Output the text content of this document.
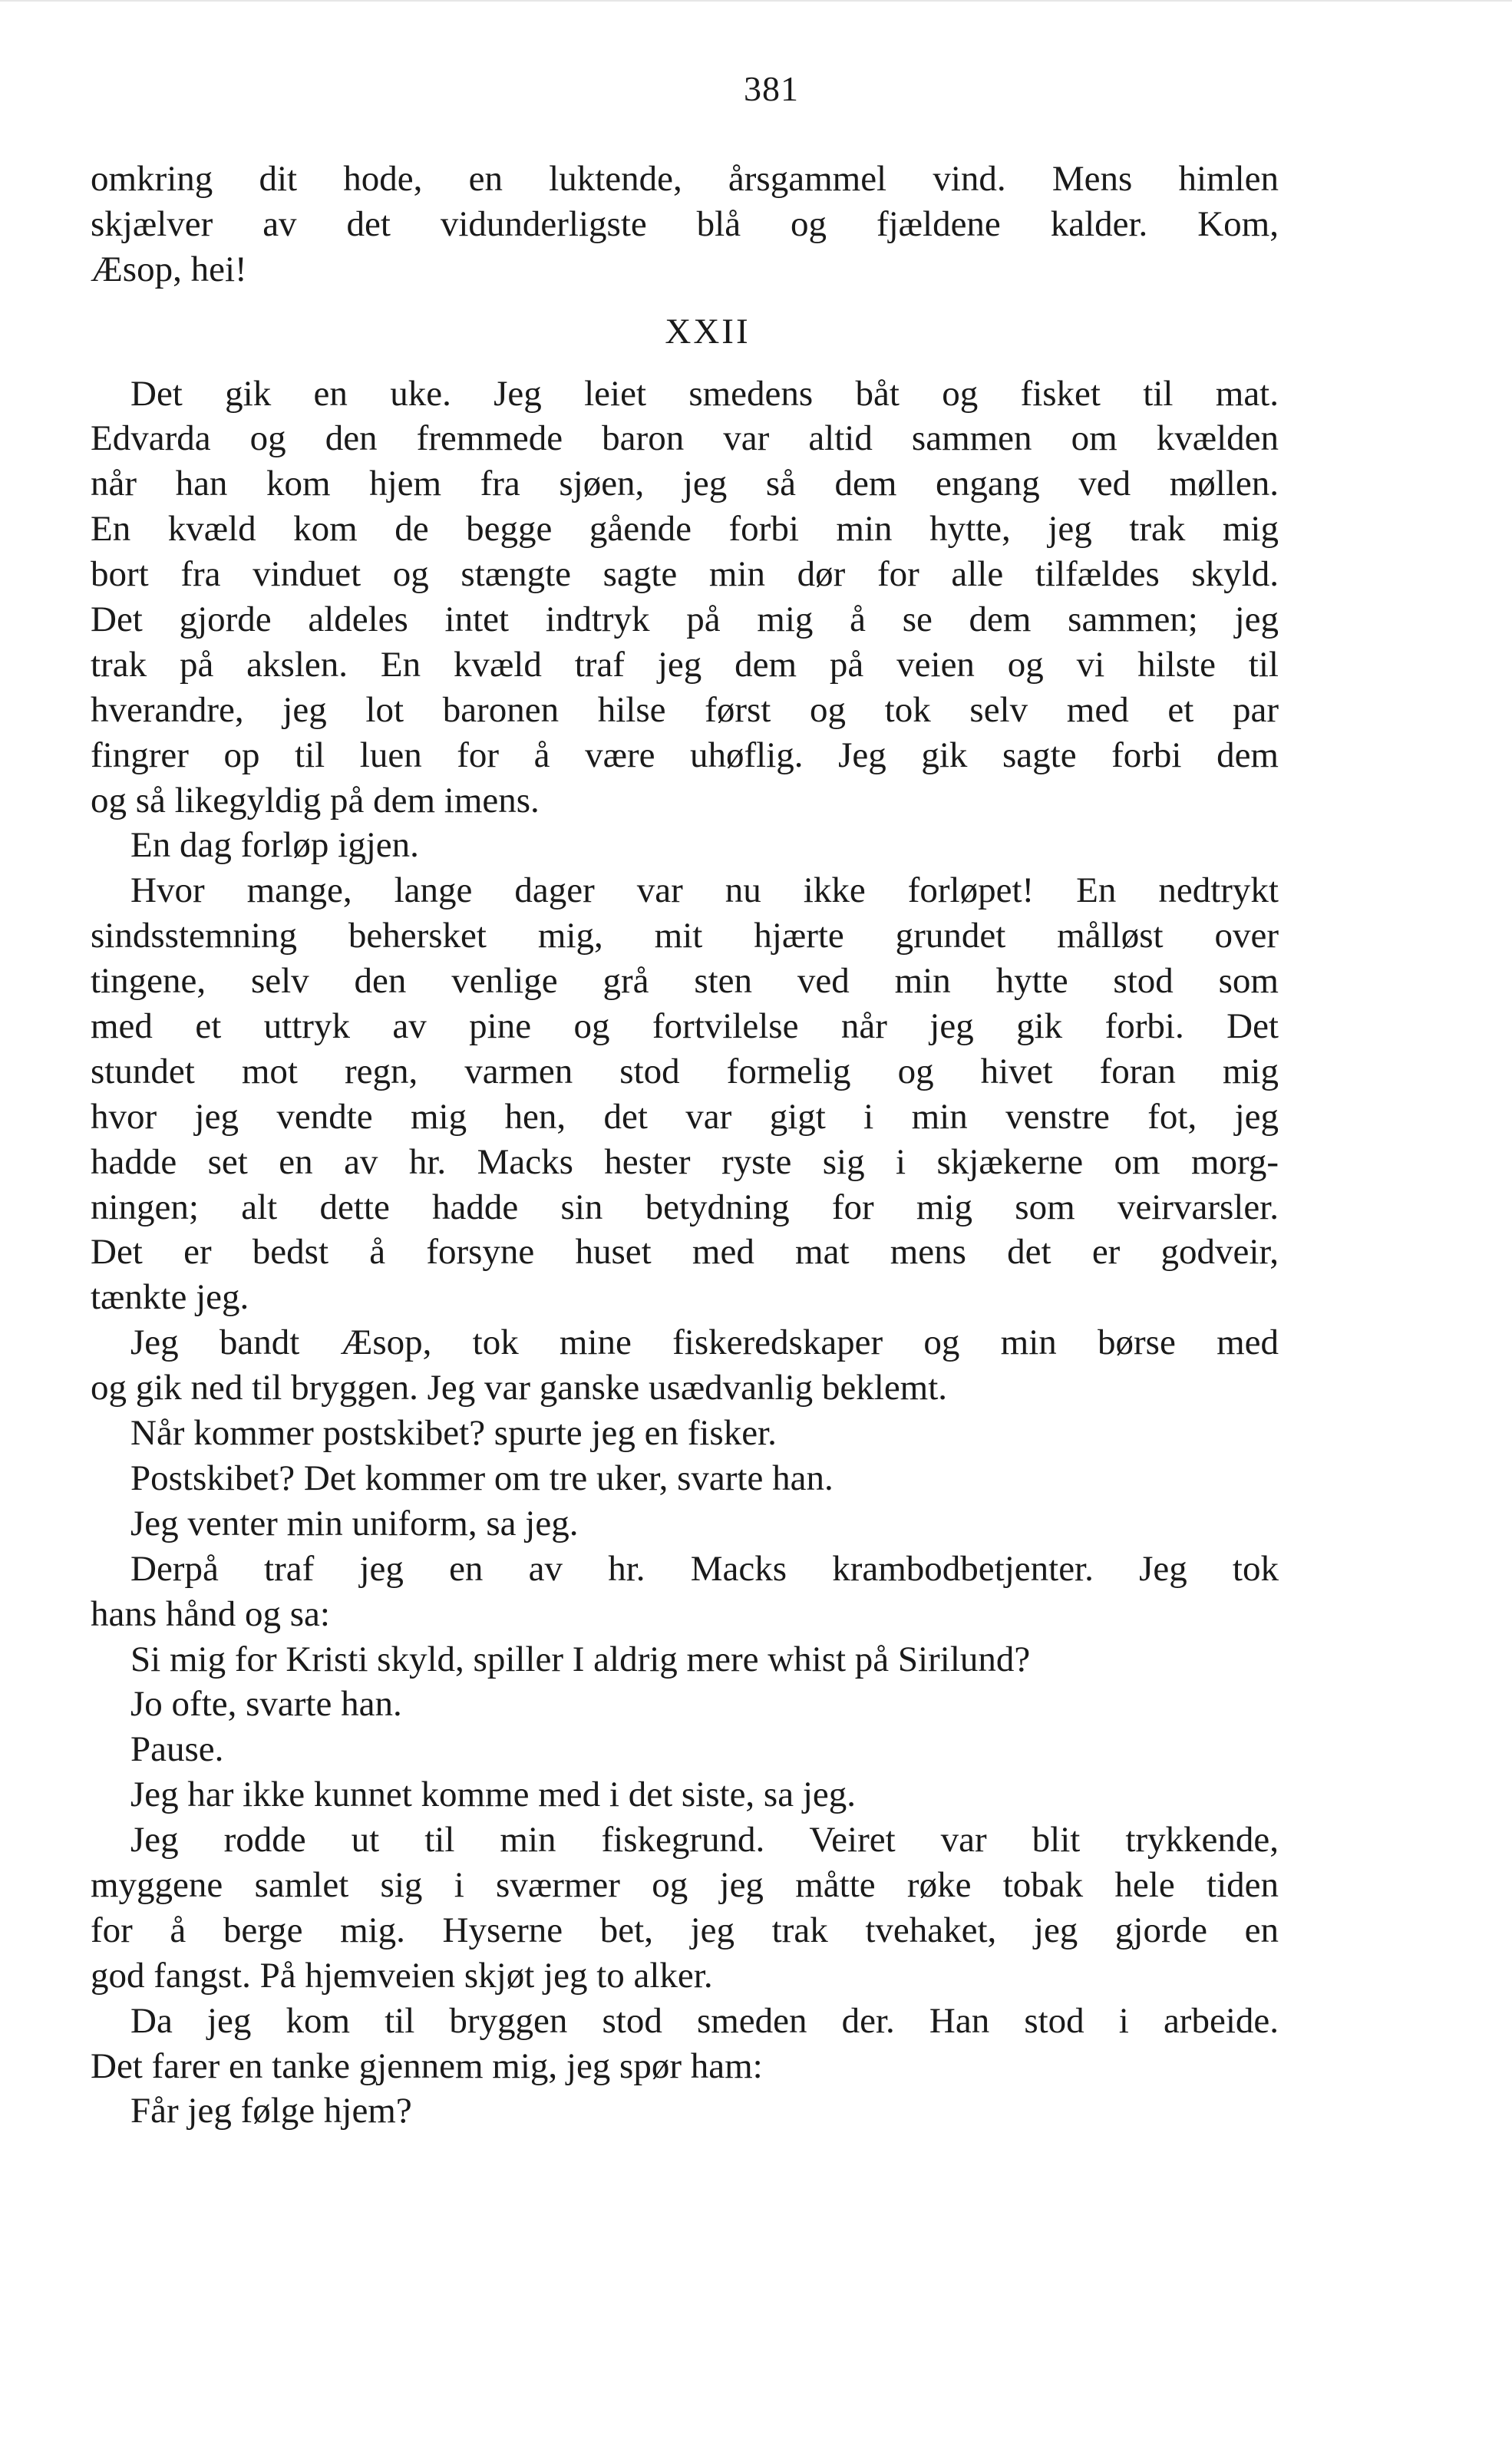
381
omkring dit hode, en luktende, årsgammel vind. Mens himlen
skjælver av det vidunderligste blå og fjældene kalder. Kom,
Æsop, hei!
XXII
Det gik en uke. Jeg leiet smedens båt og fisket til mat.
Edvarda og den fremmede baron var altid sammen om kvælden
når han kom hjem fra sjøen, jeg så dem engang ved møllen.
En kvæld kom de begge gående forbi min hytte, jeg trak mig
bort fra vinduet og stængte sagte min dør for alle tilfældes skyld.
Det gjorde aldeles intet indtryk på mig å se dem sammen; jeg
trak på akslen. En kvæld traf jeg dem på veien og vi hilste til
hverandre, jeg lot baronen hilse først og tok selv med et par
fingrer op til luen for å være uhøflig. Jeg gik sagte forbi dem
og så likegyldig på dem imens.
En dag forløp igjen.
Hvor mange, lange dager var nu ikke forløpet! En nedtrykt
sindsstemning behersket mig, mit hjærte grundet målløst over
tingene, selv den venlige grå sten ved min hytte stod som
med et uttryk av pine og fortvilelse når jeg gik forbi. Det
stundet mot regn, varmen stod formelig og hivet foran mig
hvor jeg vendte mig hen, det var gigt i min venstre fot, jeg
hadde set en av hr. Macks hester ryste sig i skjækerne om morg-
ningen; alt dette hadde sin betydning for mig som veirvarsler.
Det er bedst å forsyne huset med mat mens det er godveir,
tænkte jeg.
Jeg bandt Æsop, tok mine fiskeredskaper og min børse med
og gik ned til bryggen. Jeg var ganske usædvanlig beklemt.
Når kommer postskibet? spurte jeg en fisker.
Postskibet? Det kommer om tre uker, svarte han.
Jeg venter min uniform, sa jeg.
Derpå traf jeg en av hr. Macks krambodbetjenter. Jeg tok
hans hånd og sa:
Si mig for Kristi skyld, spiller I aldrig mere whist på Sirilund?
Jo ofte, svarte han.
Pause.
Jeg har ikke kunnet komme med i det siste, sa jeg.
Jeg rodde ut til min fiskegrund. Veiret var blit trykkende,
myggene samlet sig i sværmer og jeg måtte røke tobak hele tiden
for å berge mig. Hyserne bet, jeg trak tvehaket, jeg gjorde en
god fangst. På hjemveien skjøt jeg to alker.
Da jeg kom til bryggen stod smeden der. Han stod i arbeide.
Det farer en tanke gjennem mig, jeg spør ham:
Får jeg følge hjem?
